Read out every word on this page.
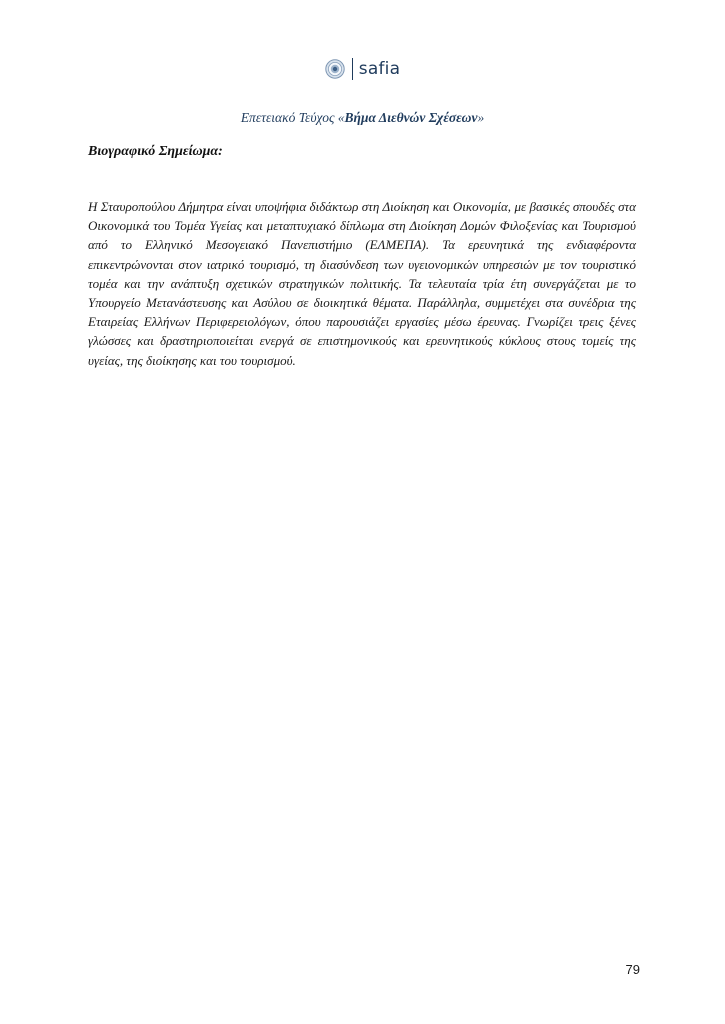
safia
Επετειακό Τεύχος «Βήμα Διεθνών Σχέσεων»
Βιογραφικό Σημείωμα:

Η Σταυροπούλου Δήμητρα είναι υποψήφια διδάκτωρ στη Διοίκηση και Οικονομία, με βασικές σπουδές στα Οικονομικά του Τομέα Υγείας και μεταπτυχιακό δίπλωμα στη Διοίκηση Δομών Φιλοξενίας και Τουρισμού από το Ελληνικό Μεσογειακό Πανεπιστήμιο (ΕΛΜΕΠΑ). Τα ερευνητικά της ενδιαφέροντα επικεντρώνονται στον ιατρικό τουρισμό, τη διασύνδεση των υγειονομικών υπηρεσιών με τον τουριστικό τομέα και την ανάπτυξη σχετικών στρατηγικών πολιτικής. Τα τελευταία τρία έτη συνεργάζεται με το Υπουργείο Μετανάστευσης και Ασύλου σε διοικητικά θέματα. Παράλληλα, συμμετέχει στα συνέδρια της Εταιρείας Ελλήνων Περιφερειολόγων, όπου παρουσιάζει εργασίες μέσω έρευνας. Γνωρίζει τρεις ξένες γλώσσες και δραστηριοποιείται ενεργά σε επιστημονικούς και ερευνητικούς κύκλους στους τομείς της υγείας, της διοίκησης και του τουρισμού.

79
